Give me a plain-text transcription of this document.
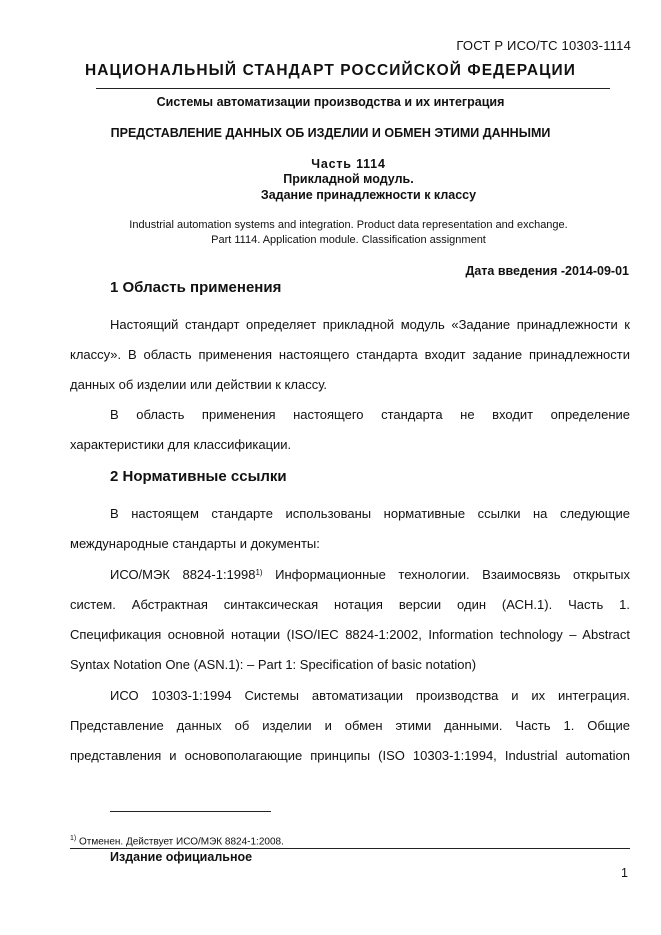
ГОСТ Р ИСО/ТС 10303-1114
НАЦИОНАЛЬНЫЙ СТАНДАРТ РОССИЙСКОЙ ФЕДЕРАЦИИ
Системы автоматизации производства и их интеграция
ПРЕДСТАВЛЕНИЕ ДАННЫХ ОБ ИЗДЕЛИИ И ОБМЕН ЭТИМИ ДАННЫМИ
Часть 1114
Прикладной модуль.
Задание принадлежности к классу
Industrial automation systems and integration. Product data representation and exchange.
Part 1114. Application module. Classification assignment
Дата введения -2014-09-01
1 Область применения
Настоящий стандарт определяет прикладной модуль «Задание принадлежности к
классу». В область применения настоящего стандарта входит задание принадлежности
данных об изделии или действии к классу.
В область применения настоящего стандарта не входит определение
характеристики для классификации.
2 Нормативные ссылки
В настоящем стандарте использованы нормативные ссылки на следующие
международные стандарты и документы:
ИСО/МЭК 8824-1:1998$^{1)}$ Информационные технологии. Взаимосвязь открытых
систем. Абстрактная синтаксическая нотация версии один (АСН.1). Часть 1.
Спецификация основной нотации (ISO/IEC 8824-1:2002, Information technology – Abstract
Syntax Notation One (ASN.1): – Part 1: Specification of basic notation)
ИСО 10303-1:1994 Системы автоматизации производства и их интеграция.
Представление данных об изделии и обмен этими данными. Часть 1. Общие
представления и основополагающие принципы (ISO 10303-1:1994, Industrial automation
$^{1)}$ Отменен. Действует ИСО/МЭК 8824-1:2008.
Издание официальное
1
